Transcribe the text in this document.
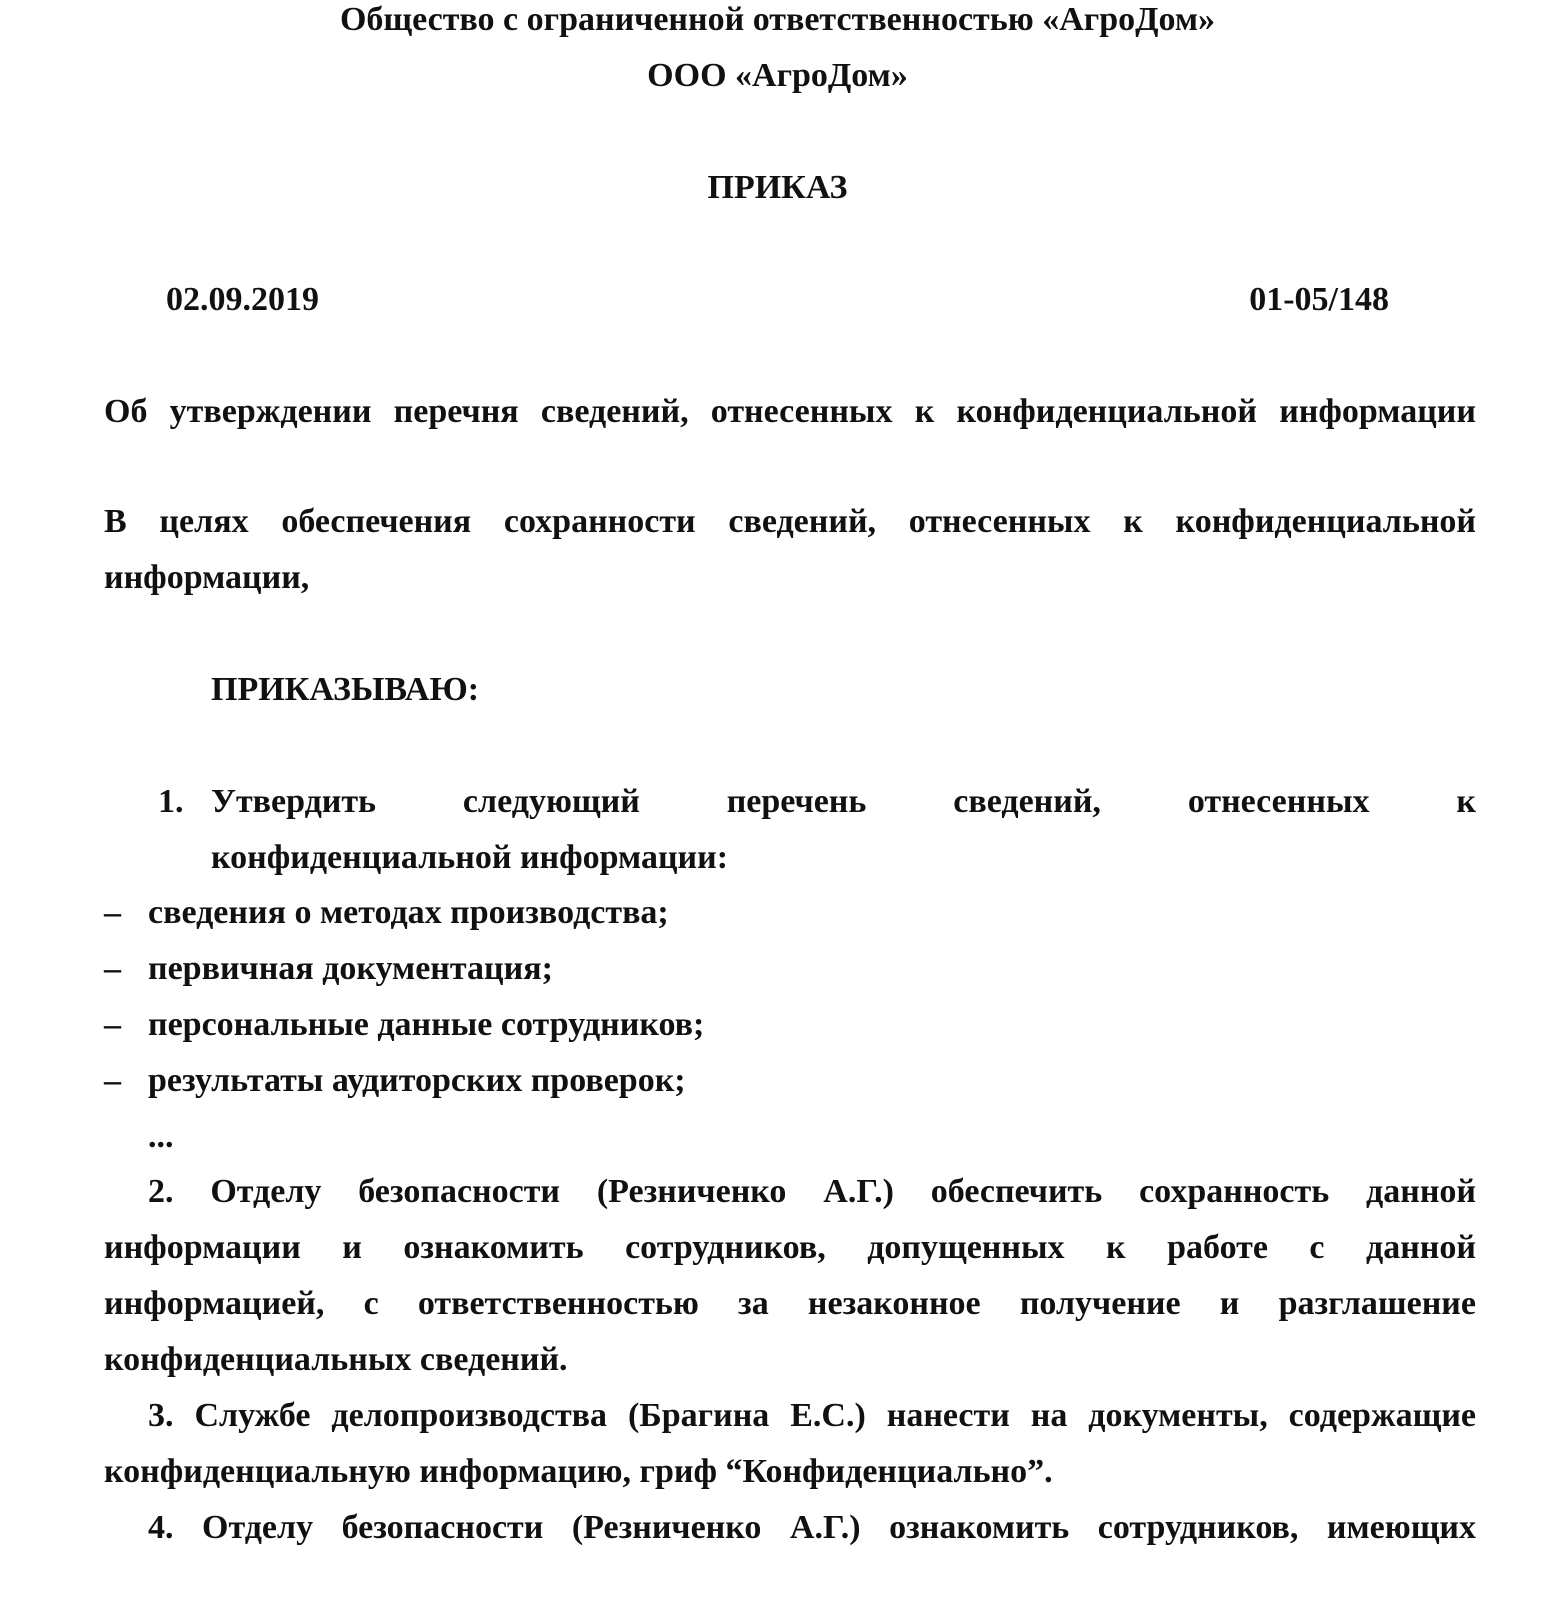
Общество с ограниченной ответственностью «АгроДом»
ООО «АгроДом»
ПРИКАЗ
02.09.2019	01-05/148
Об утверждении перечня сведений, отнесенных к конфиденциальной информации
В целях обеспечения сохранности сведений, отнесенных к конфиденциальной
информации,
ПРИКАЗЫВАЮ:
1. Утвердить следующий перечень сведений, отнесенных к
конфиденциальной информации:
– сведения о методах производства;
– первичная документация;
– персональные данные сотрудников;
– результаты аудиторских проверок;
...
2. Отделу безопасности (Резниченко А.Г.) обеспечить сохранность данной
информации и ознакомить сотрудников, допущенных к работе с данной
информацией, с ответственностью за незаконное получение и разглашение
конфиденциальных сведений.
3. Службе делопроизводства (Брагина Е.С.) нанести на документы, содержащие
конфиденциальную информацию, гриф “Конфиденциально”.
4. Отделу безопасности (Резниченко А.Г.) ознакомить сотрудников, имеющих
